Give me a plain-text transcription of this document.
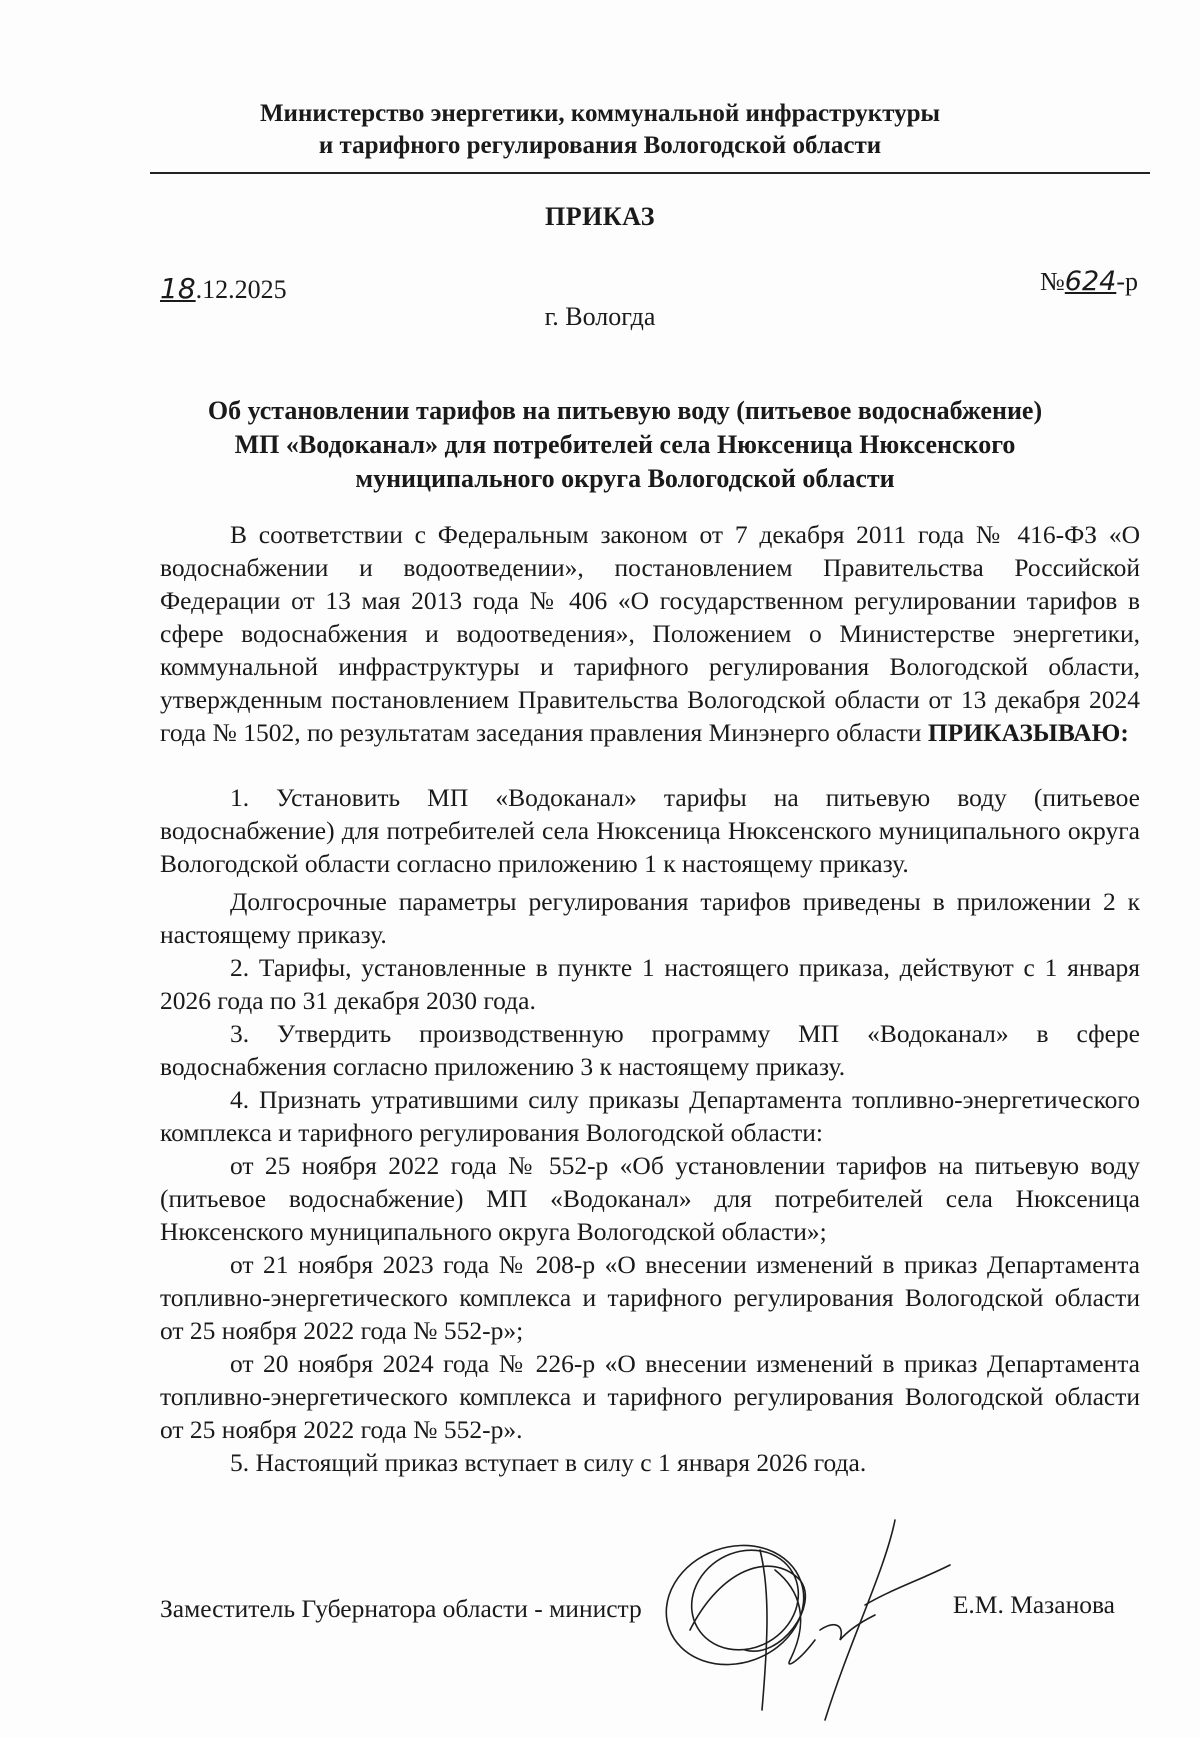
Министерство энергетики, коммунальной инфраструктуры
и тарифного регулирования Вологодской области
ПРИКАЗ
18.12.2025	№624-р
г. Вологда
Об установлении тарифов на питьевую воду (питьевое водоснабжение)
МП «Водоканал» для потребителей села Нюксеница Нюксенского
муниципального округа Вологодской области

В соответствии с Федеральным законом от 7 декабря 2011 года № 416-ФЗ «О водоснабжении и водоотведении», постановлением Правительства Российской Федерации от 13 мая 2013 года № 406 «О государственном регулировании тарифов в сфере водоснабжения и водоотведения», Положением о Министерстве энергетики, коммунальной инфраструктуры и тарифного регулирования Вологодской области, утвержденным постановлением Правительства Вологодской области от 13 декабря 2024 года № 1502, по результатам заседания правления Минэнерго области ПРИКАЗЫВАЮ:

1. Установить МП «Водоканал» тарифы на питьевую воду (питьевое водоснабжение) для потребителей села Нюксеница Нюксенского муниципального округа Вологодской области согласно приложению 1 к настоящему приказу.

Долгосрочные параметры регулирования тарифов приведены в приложении 2 к настоящему приказу.

2. Тарифы, установленные в пункте 1 настоящего приказа, действуют с 1 января 2026 года по 31 декабря 2030 года.

3. Утвердить производственную программу МП «Водоканал» в сфере водоснабжения согласно приложению 3 к настоящему приказу.

4. Признать утратившими силу приказы Департамента топливно-энергетического комплекса и тарифного регулирования Вологодской области:

от 25 ноября 2022 года № 552-р «Об установлении тарифов на питьевую воду (питьевое водоснабжение) МП «Водоканал» для потребителей села Нюксеница Нюксенского муниципального округа Вологодской области»;

от 21 ноября 2023 года № 208-р «О внесении изменений в приказ Департамента топливно-энергетического комплекса и тарифного регулирования Вологодской области от 25 ноября 2022 года № 552-р»;

от 20 ноября 2024 года № 226-р «О внесении изменений в приказ Департамента топливно-энергетического комплекса и тарифного регулирования Вологодской области от 25 ноября 2022 года № 552-р».

5. Настоящий приказ вступает в силу с 1 января 2026 года.

Заместитель Губернатора области - министр	Е.М. Мазанова
